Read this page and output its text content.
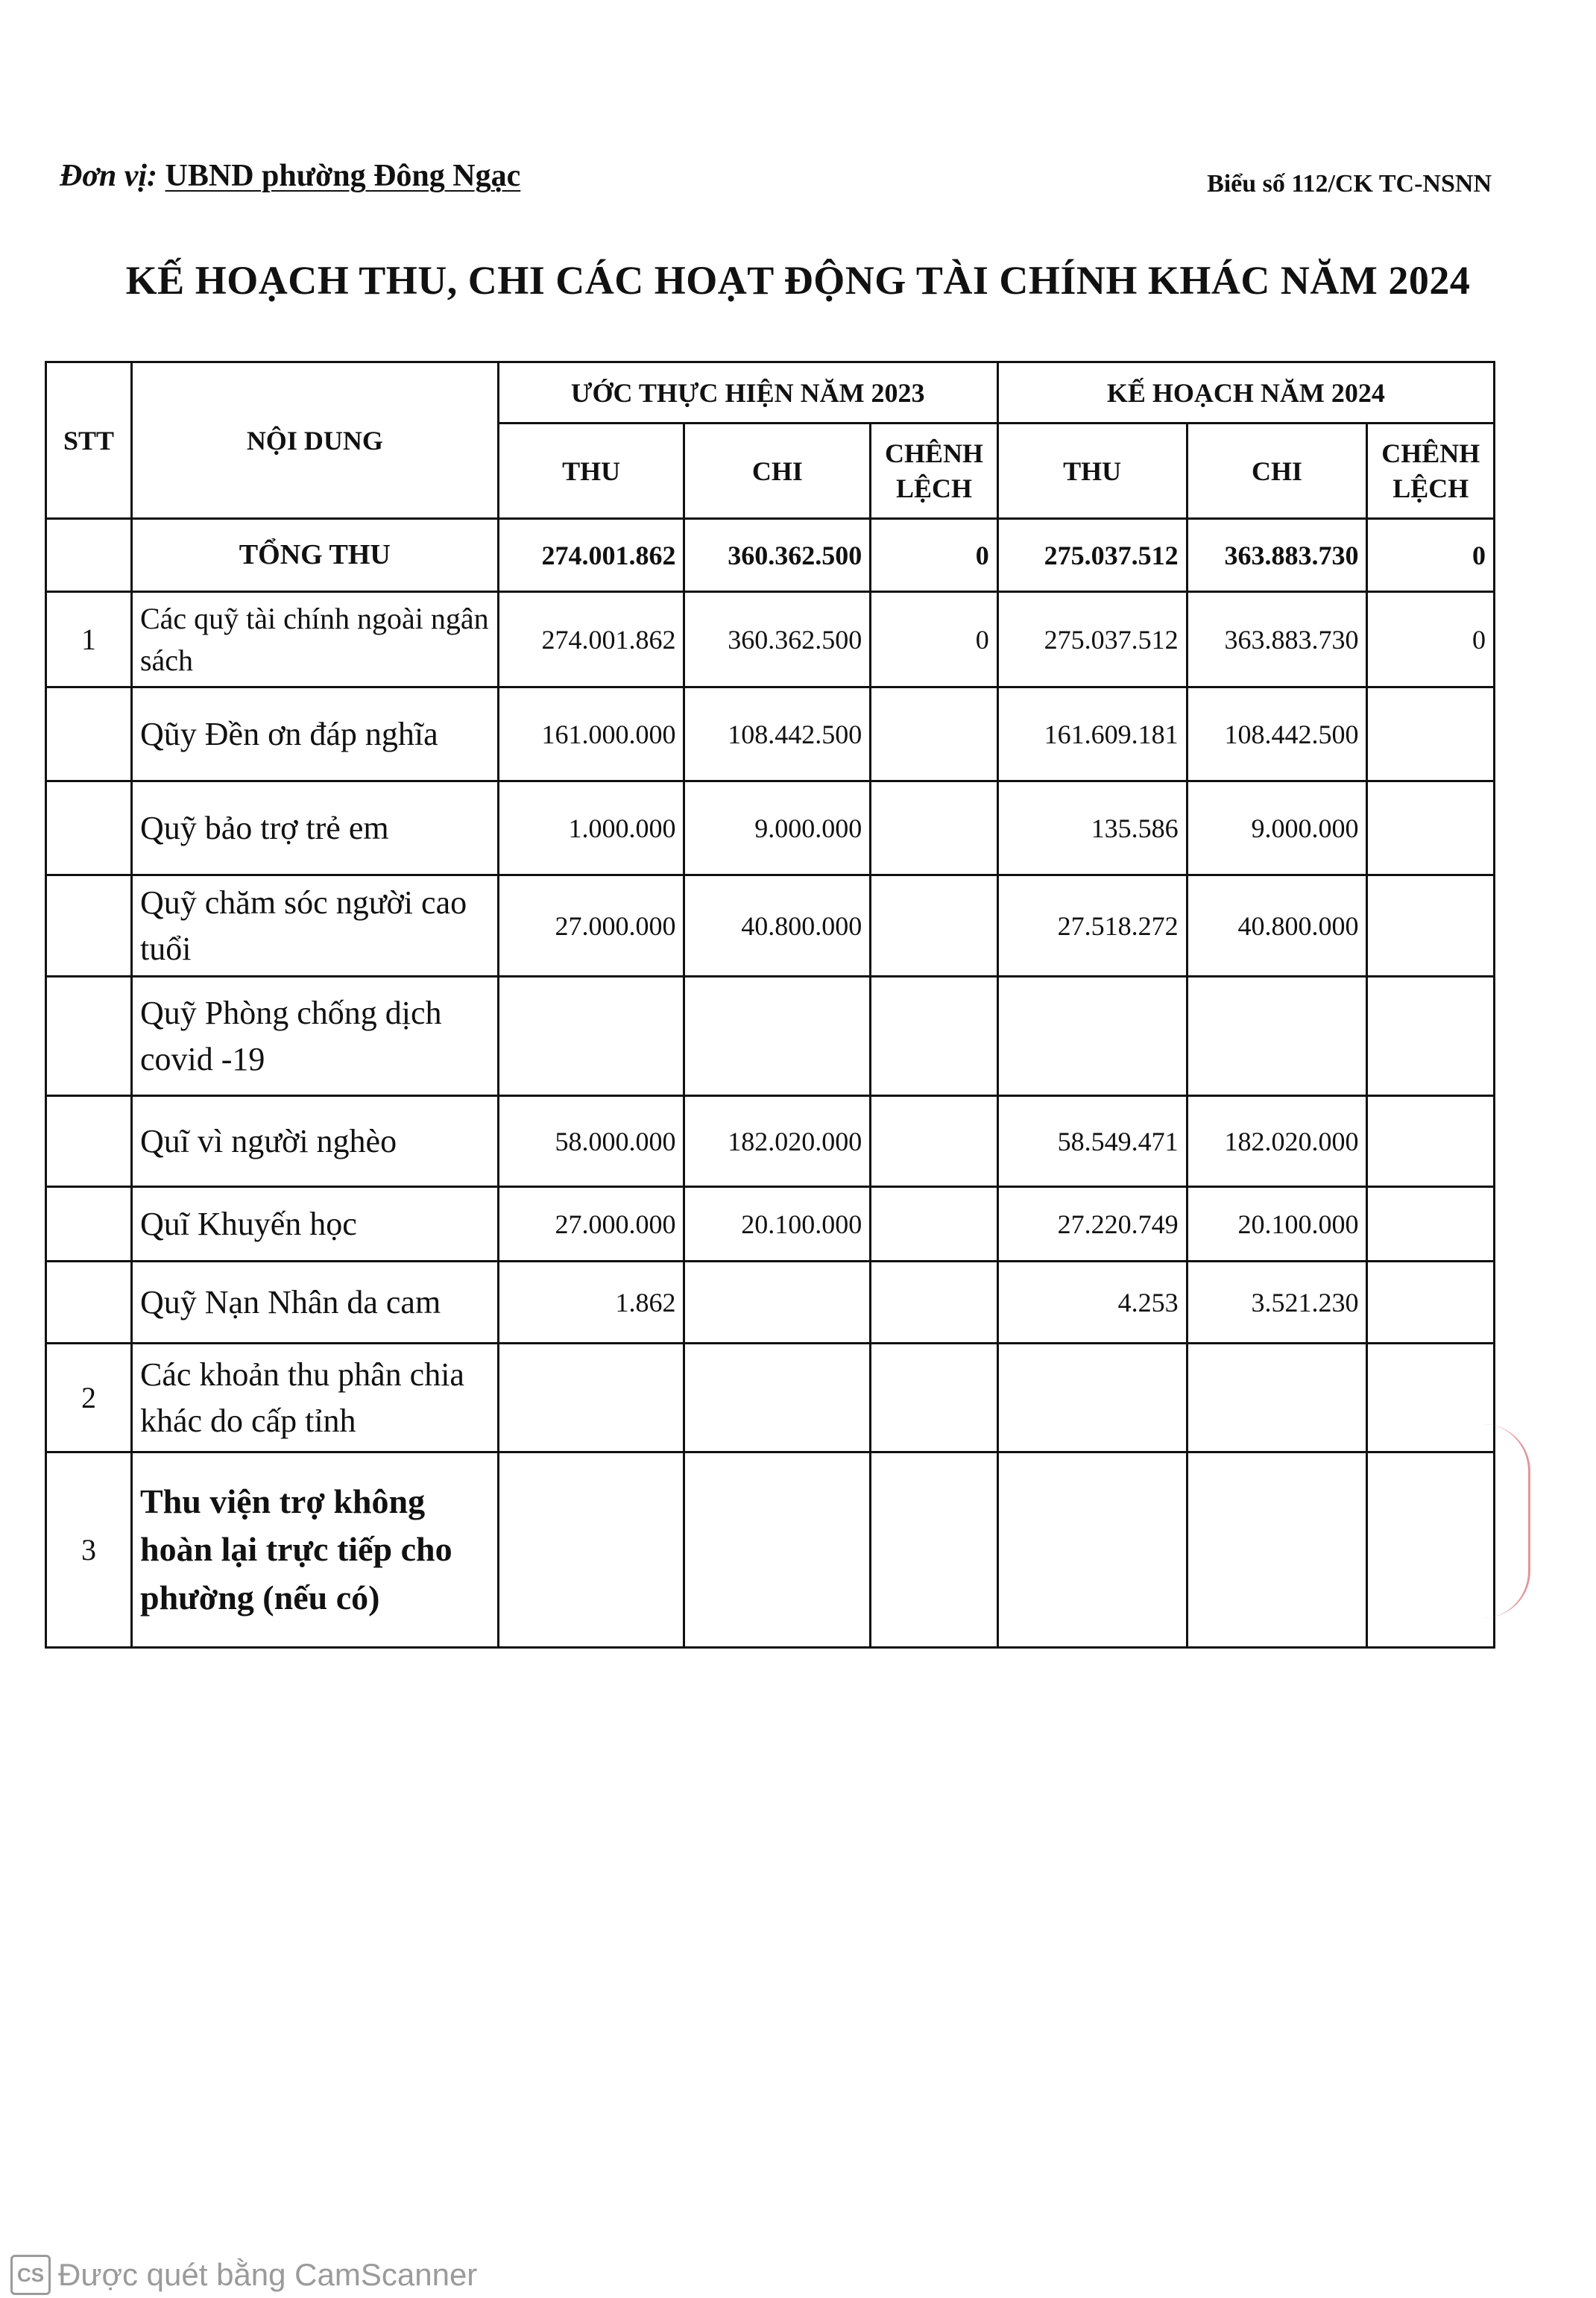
Đơn vị: UBND phường Đông Ngạc	Biểu số 112/CK TC-NSNN
KẾ HOẠCH THU, CHI CÁC HOẠT ĐỘNG TÀI CHÍNH KHÁC NĂM 2024
STT	NỘI DUNG	ƯỚC THỰC HIỆN NĂM 2023			KẾ HOẠCH NĂM 2024		
		THU	CHI	CHÊNH LỆCH	THU	CHI	CHÊNH LỆCH
	TỔNG THU	274.001.862	360.362.500	0	275.037.512	363.883.730	0
1	Các quỹ tài chính ngoài ngân sách	274.001.862	360.362.500	0	275.037.512	363.883.730	0
	Qũy Đền ơn đáp nghĩa	161.000.000	108.442.500		161.609.181	108.442.500	
	Quỹ bảo trợ trẻ em	1.000.000	9.000.000		135.586	9.000.000	
	Quỹ chăm sóc người cao tuổi	27.000.000	40.800.000		27.518.272	40.800.000	
	Quỹ Phòng chống dịch covid -19						
	Quĩ vì người nghèo	58.000.000	182.020.000		58.549.471	182.020.000	
	Quĩ Khuyến học	27.000.000	20.100.000		27.220.749	20.100.000	
	Quỹ Nạn Nhân da cam	1.862			4.253	3.521.230	
2	Các khoản thu phân chia khác do cấp tỉnh						
3	Thu viện trợ không hoàn lại trực tiếp cho phường (nếu có)						
CS Được quét bằng CamScanner
